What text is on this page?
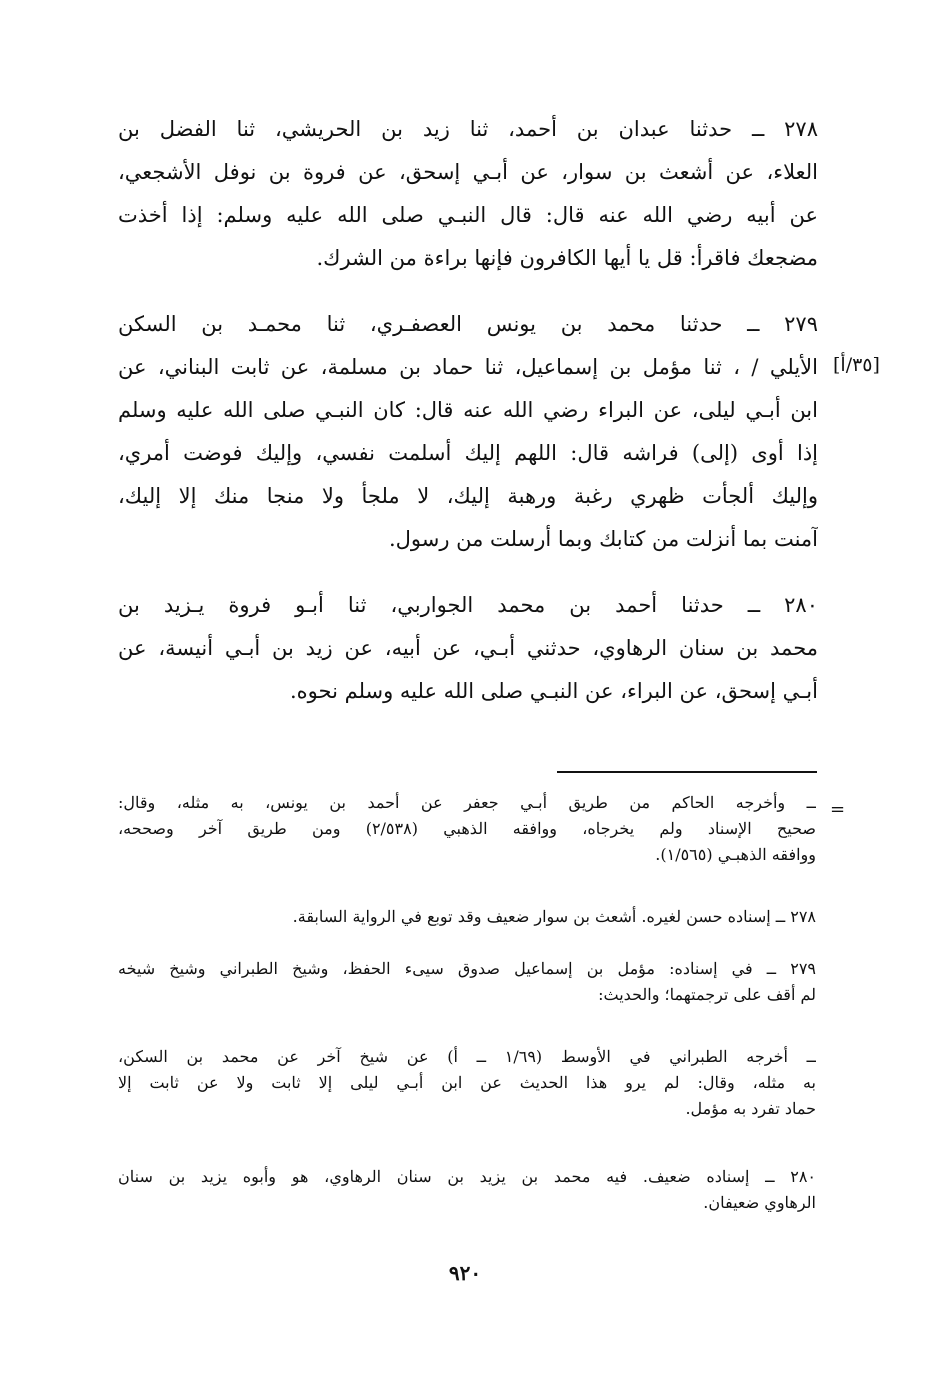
٢٧٨ ــ حدثنا عبدان بن أحمد، ثنا زيد بن الحريشي، ثنا الفضل بن
العلاء، عن أشعث بن سوار، عن أبـي إسحق، عن فروة بن نوفل الأشجعي،
عن أبيه رضي الله عنه قال: قال النبـي صلى الله عليه وسلم: إذا أخذت
مضجعك فاقرأ: قل يا أيها الكافرون فإنها براءة من الشرك.
٢٧٩ ــ حدثنا محمد بن يونس العصفـري، ثنا محمـد بن السكن
الأيلي / ، ثنا مؤمل بن إسماعيل، ثنا حماد بن مسلمة، عن ثابت البناني، عن
ابن أبـي ليلى، عن البراء رضي الله عنه قال: كان النبـي صلى الله عليه وسلم
إذا أوى (إلى) فراشه قال: اللهم إليك أسلمت نفسي، وإليك فوضت أمري،
وإليك ألجأت ظهري رغبة ورهبة إليك، لا ملجأ ولا منجا منك إلا إليك،
آمنت بما أنزلت من كتابك وبما أرسلت من رسول.
[٣٥/أ]
٢٨٠ ــ حدثنا أحمد بن محمد الجواربي، ثنا أبـو فروة يـزيد بن
محمد بن سنان الرهاوي، حدثني أبـي، عن أبيه، عن زيد بن أبـي أنيسة، عن
أبـي إسحق، عن البراء، عن النبـي صلى الله عليه وسلم نحوه.
=
ــ وأخرجه الحاكم من طريق أبـي جعفر عن أحمد بن يونس، به مثله، وقال:
صحيح الإسناد ولم يخرجاه، ووافقه الذهبي (٢/٥٣٨) ومن طريق آخر وصححه،
ووافقه الذهبـي (١/٥٦٥).
٢٧٨ ــ إسناده حسن لغيره. أشعث بن سوار ضعيف وقد توبع في الرواية السابقة.
٢٧٩ ــ في إسناده: مؤمل بن إسماعيل صدوق سيىء الحفظ، وشيخ الطبراني وشيخ شيخه
لم أقف على ترجمتهما؛ والحديث:
ــ أخرجه الطبراني في الأوسط (١/٦٩ ــ أ) عن شيخ آخر عن محمد بن السكن،
به مثله، وقال: لم يرو هذا الحديث عن ابن أبـي ليلى إلا ثابت ولا عن ثابت إلا
حماد تفرد به مؤمل.
٢٨٠ ــ إسناده ضعيف. فيه محمد بن يزيد بن سنان الرهاوي، هو وأبوه يزيد بن سنان
الرهاوي ضعيفان.
٩٢٠
